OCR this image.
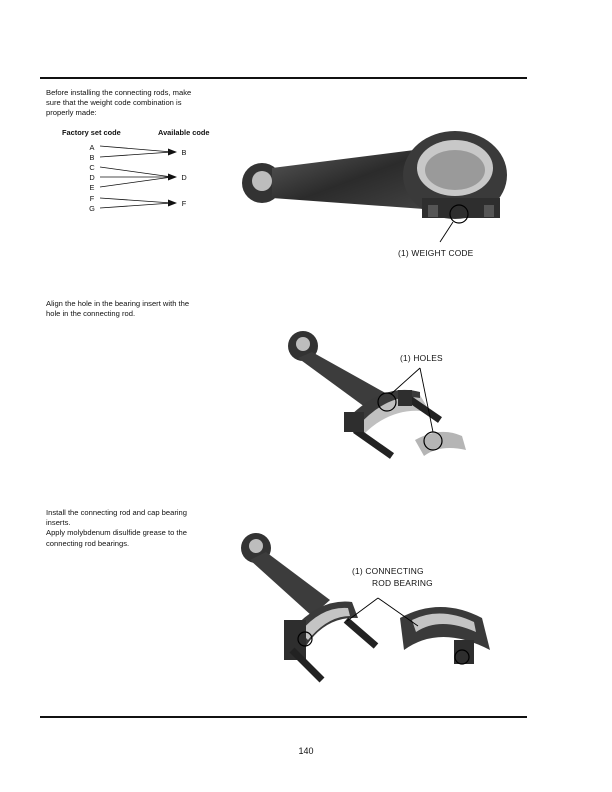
Before installing the connecting rods, make
sure that the weight code combination is
properly made:
Factory set code	Available code
A
B
C
D
E
F
G
B
D
F
(1) WEIGHT CODE
Align the hole in the bearing insert with the
hole in the connecting rod.
(1) HOLES
Install the connecting rod and cap bearing
inserts.
Apply molybdenum disulfide grease to the
connecting rod bearings.
(1) CONNECTING
ROD BEARING
140
